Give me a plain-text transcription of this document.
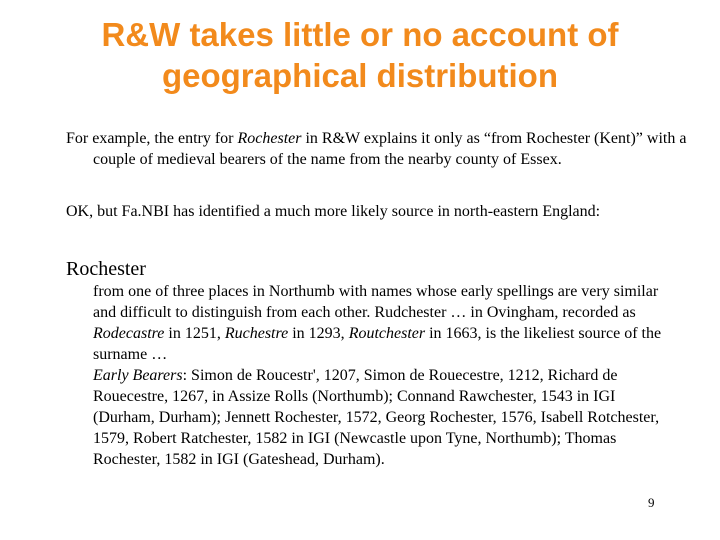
R&W takes little or no account of
geographical distribution
For example, the entry for Rochester in R&W explains it only as “from Rochester (Kent)” with a couple of medieval bearers of the name from the nearby county of Essex.
OK, but Fa.NBI has identified a much more likely source in north-eastern England:
Rochester
from one of three places in Northumb with names whose early spellings are very similar and difficult to distinguish from each other. Rudchester … in Ovingham, recorded as Rodecastre in 1251, Ruchestre in 1293, Routchester in 1663, is the likeliest source of the surname …
Early Bearers: Simon de Roucestr', 1207, Simon de Rouecestre, 1212, Richard de Rouecestre, 1267, in Assize Rolls (Northumb); Connand Rawchester, 1543 in IGI (Durham, Durham); Jennett Rochester, 1572, Georg Rochester, 1576, Isabell Rotchester, 1579, Robert Ratchester, 1582 in IGI (Newcastle upon Tyne, Northumb); Thomas Rochester, 1582 in IGI (Gateshead, Durham).
9
